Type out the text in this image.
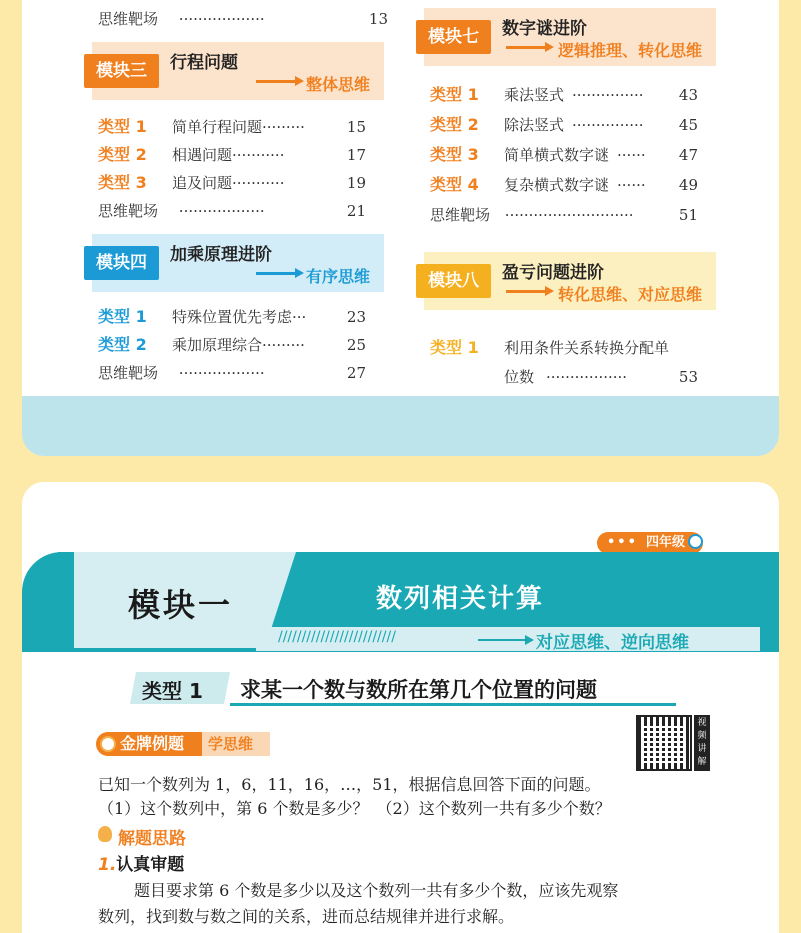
思维靶场 ··················	13
模块三	行程问题
整体思维
类型 1 简单行程问题·········	15
类型 2 相遇问题···········	17
类型 3 追及问题···········	19
思维靶场 ··················	21
模块四	加乘原理进阶
有序思维
类型 1 特殊位置优先考虑···	23
类型 2 乘加原理综合·········	25
思维靶场 ··················	27
模块七	数字谜进阶
逻辑推理、转化思维
类型 1 乘法竖式 ··············· 43
类型 2 除法竖式 ··············· 45
类型 3 简单横式数字谜 ······ 47
类型 4 复杂横式数字谜 ······ 49
思维靶场 ···························	51
模块八	盈亏问题进阶
转化思维、对应思维
类型 1 利用条件关系转换分配单
位数 ·················	53
••• 四年级
模块一	数列相关计算
/////////////////////////	对应思维、逆向思维
类型 1 求某一个数与数所在第几个位置的问题
金牌例题	学思维
视频讲解
已知一个数列为 1，6，11，16，…，51，根据信息回答下面的问题。
（1）这个数列中，第 6 个数是多少？　（2）这个数列一共有多少个数？
解题思路
1.认真审题
题目要求第 6 个数是多少以及这个数列一共有多少个数，应该先观察
数列，找到数与数之间的关系，进而总结规律并进行求解。
